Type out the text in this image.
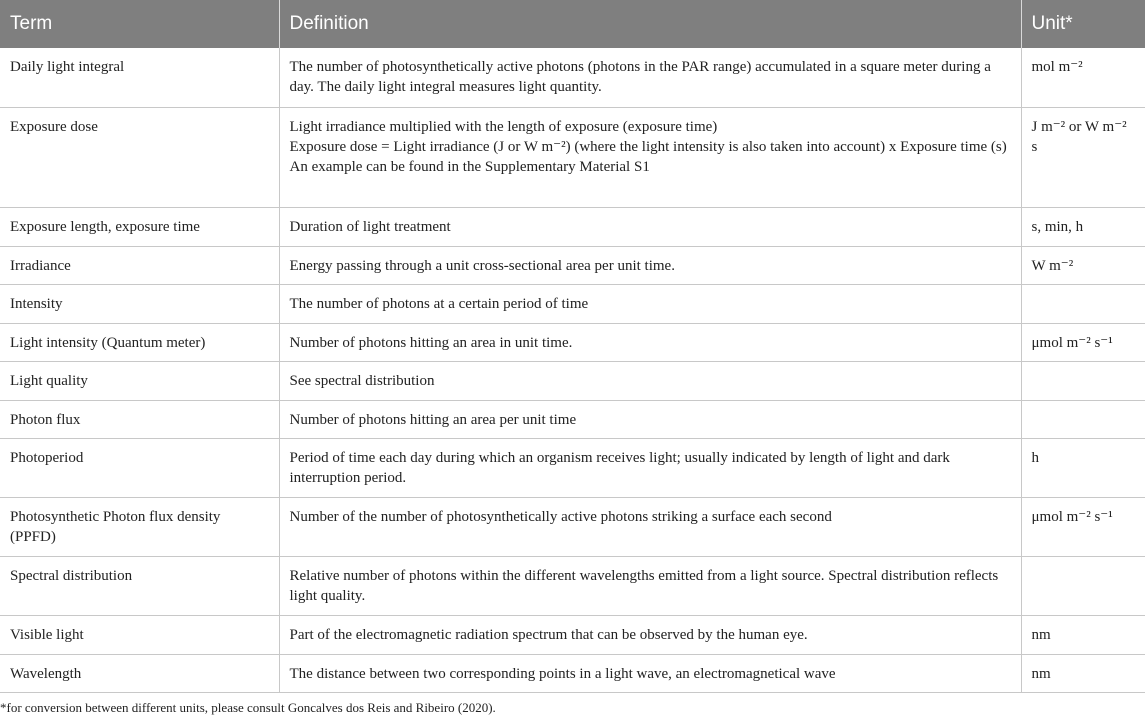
Term	Definition	Unit*
Daily light integral	The number of photosynthetically active photons (photons in the PAR range) accumulated in a square meter during a day. The daily light integral measures light quantity.	mol m⁻²
Exposure dose	Light irradiance multiplied with the length of exposure (exposure time)
Exposure dose = Light irradiance (J or W m⁻²) (where the light intensity is also taken into account) x Exposure time (s)
An example can be found in the Supplementary Material S1	J m⁻² or W m⁻² s
Exposure length, exposure time	Duration of light treatment	s, min, h
Irradiance	Energy passing through a unit cross-sectional area per unit time.	W m⁻²
Intensity	The number of photons at a certain period of time	

Light intensity (Quantum meter)	Number of photons hitting an area in unit time.	μmol m⁻² s⁻¹
Light quality	See spectral distribution	

Photon flux	Number of photons hitting an area per unit time	

Photoperiod	Period of time each day during which an organism receives light; usually indicated by length of light and dark interruption period.	h
Photosynthetic Photon flux density (PPFD)	Number of the number of photosynthetically active photons striking a surface each second	μmol m⁻² s⁻¹
Spectral distribution	Relative number of photons within the different wavelengths emitted from a light source. Spectral distribution reflects light quality.	

Visible light	Part of the electromagnetic radiation spectrum that can be observed by the human eye.	nm
Wavelength	The distance between two corresponding points in a light wave, an electromagnetical wave	nm
*for conversion between different units, please consult Goncalves dos Reis and Ribeiro (2020).
